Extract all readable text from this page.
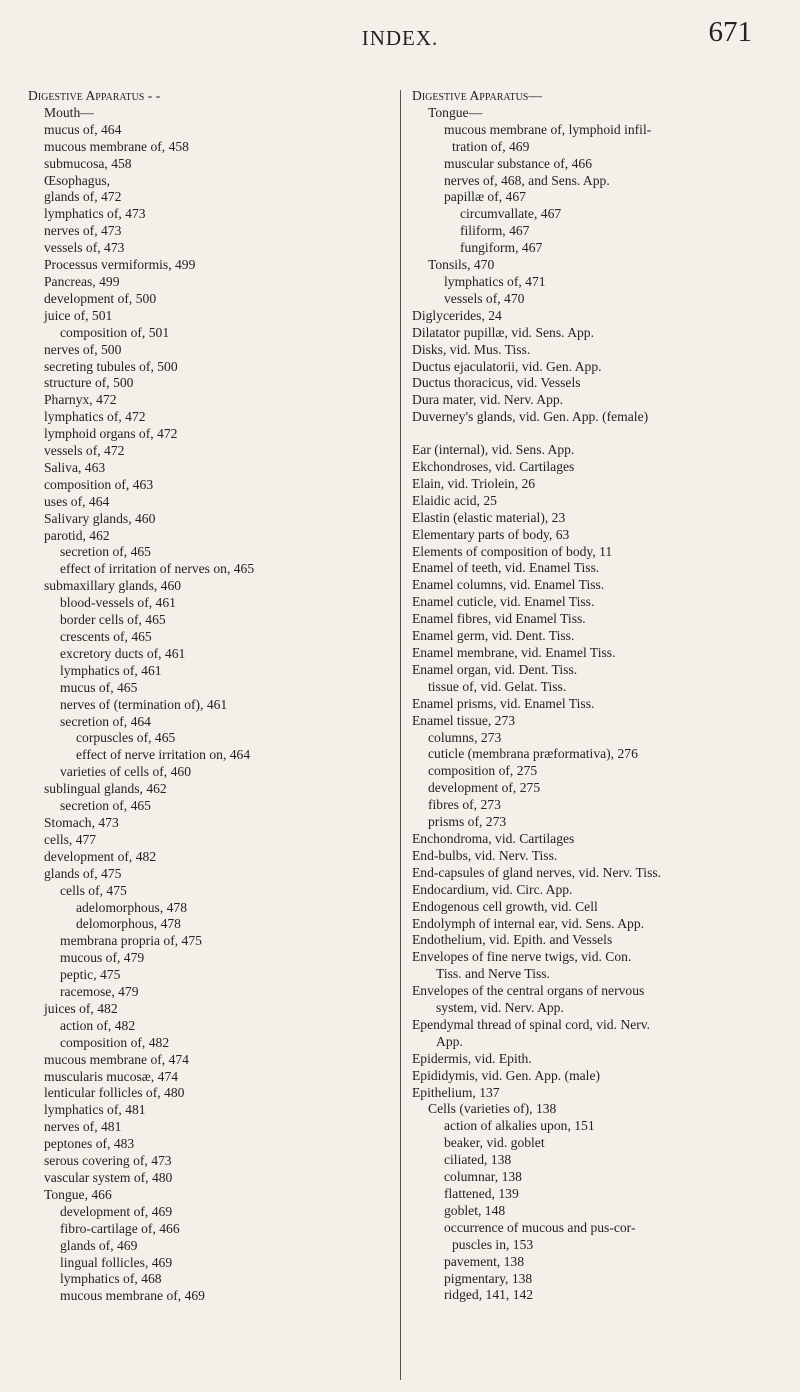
INDEX.	671
Digestive Apparatus - -
Mouth—
mucus of, 464
mucous membrane of, 458
submucosa, 458
Œsophagus,
glands of, 472
lymphatics of, 473
nerves of, 473
vessels of, 473
Processus vermiformis, 499
Pancreas, 499
development of, 500
juice of, 501
composition of, 501
nerves of, 500
secreting tubules of, 500
structure of, 500
Pharnyx, 472
lymphatics of, 472
lymphoid organs of, 472
vessels of, 472
Saliva, 463
composition of, 463
uses of, 464
Salivary glands, 460
parotid, 462
secretion of, 465
effect of irritation of nerves on, 465
submaxillary glands, 460
blood-vessels of, 461
border cells of, 465
crescents of, 465
excretory ducts of, 461
lymphatics of, 461
mucus of, 465
nerves of (termination of), 461
secretion of, 464
corpuscles of, 465
effect of nerve irritation on, 464
varieties of cells of, 460
sublingual glands, 462
secretion of, 465
Stomach, 473
cells, 477
development of, 482
glands of, 475
cells of, 475
adelomorphous, 478
delomorphous, 478
membrana propria of, 475
mucous of, 479
peptic, 475
racemose, 479
juices of, 482
action of, 482
composition of, 482
mucous membrane of, 474
muscularis mucosæ, 474
lenticular follicles of, 480
lymphatics of, 481
nerves of, 481
peptones of, 483
serous covering of, 473
vascular system of, 480
Tongue, 466
development of, 469
fibro-cartilage of, 466
glands of, 469
lingual follicles, 469
lymphatics of, 468
mucous membrane of, 469
Digestive Apparatus—
Tongue—
mucous membrane of, lymphoid infil-
tration of, 469
muscular substance of, 466
nerves of, 468, and Sens. App.
papillæ of, 467
circumvallate, 467
filiform, 467
fungiform, 467
Tonsils, 470
lymphatics of, 471
vessels of, 470
Diglycerides, 24
Dilatator pupillæ, vid. Sens. App.
Disks, vid. Mus. Tiss.
Ductus ejaculatorii, vid. Gen. App.
Ductus thoracicus, vid. Vessels
Dura mater, vid. Nerv. App.
Duverney's glands, vid. Gen. App. (female)
Ear (internal), vid. Sens. App.
Ekchondroses, vid. Cartilages
Elain, vid. Triolein, 26
Elaidic acid, 25
Elastin (elastic material), 23
Elementary parts of body, 63
Elements of composition of body, 11
Enamel of teeth, vid. Enamel Tiss.
Enamel columns, vid. Enamel Tiss.
Enamel cuticle, vid. Enamel Tiss.
Enamel fibres, vid Enamel Tiss.
Enamel germ, vid. Dent. Tiss.
Enamel membrane, vid. Enamel Tiss.
Enamel organ, vid. Dent. Tiss.
tissue of, vid. Gelat. Tiss.
Enamel prisms, vid. Enamel Tiss.
Enamel tissue, 273
columns, 273
cuticle (membrana præformativa), 276
composition of, 275
development of, 275
fibres of, 273
prisms of, 273
Enchondroma, vid. Cartilages
End-bulbs, vid. Nerv. Tiss.
End-capsules of gland nerves, vid. Nerv. Tiss.
Endocardium, vid. Circ. App.
Endogenous cell growth, vid. Cell
Endolymph of internal ear, vid. Sens. App.
Endothelium, vid. Epith. and Vessels
Envelopes of fine nerve twigs, vid. Con.
Tiss. and Nerve Tiss.
Envelopes of the central organs of nervous
system, vid. Nerv. App.
Ependymal thread of spinal cord, vid. Nerv.
App.
Epidermis, vid. Epith.
Epididymis, vid. Gen. App. (male)
Epithelium, 137
Cells (varieties of), 138
action of alkalies upon, 151
beaker, vid. goblet
ciliated, 138
columnar, 138
flattened, 139
goblet, 148
occurrence of mucous and pus-cor-
puscles in, 153
pavement, 138
pigmentary, 138
ridged, 141, 142
